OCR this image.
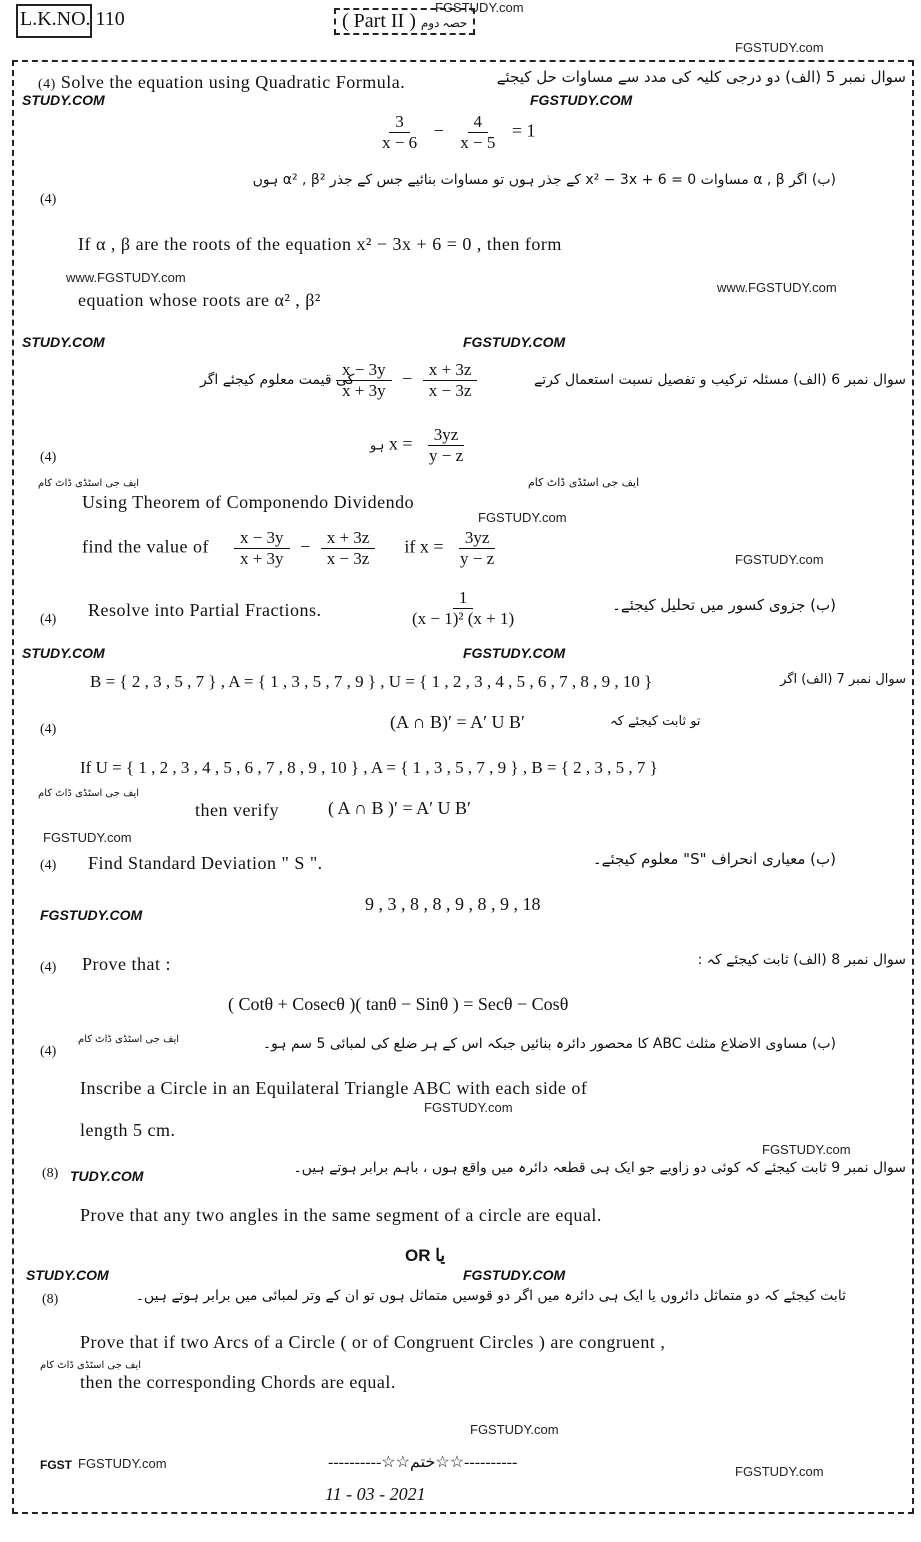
L.K.NO. 110	( Part II ) حصہ دوم
FGSTUDY.com
FGSTUDY.com
سوال نمبر 5 (الف) دو درجی کلیہ کی مدد سے مساوات حل کیجئے
(4) Solve the equation using Quadratic Formula.
STUDY.COM	FGSTUDY.COM
$\frac{3}{x - 6} - \frac{4}{x - 5} = 1$
(ب) اگر α , β مساوات x² − 3x + 6 = 0 کے جذر ہوں تو مساوات بنائیے جس کے جذر α² , β² ہوں
(4)
If α , β are the roots of the equation x² − 3x + 6 = 0 , then form
www.FGSTUDY.com
www.FGSTUDY.com
equation whose roots are α² , β²
STUDY.COM	FGSTUDY.COM
سوال نمبر 6 (الف) مسئلہ ترکیب و تفصیل نسبت استعمال کرتے
کی قیمت معلوم کیجئے اگر
$\frac{x - 3y}{x + 3y} - \frac{x + 3z}{x - 3z}$
(4)
ہو $x = \frac{3yz}{y - z}$
ایف جی اسٹڈی ڈاٹ کام	ایف جی اسٹڈی ڈاٹ کام
Using Theorem of Componendo Dividendo
FGSTUDY.com
find the value of $\frac{x - 3y}{x + 3y} - \frac{x + 3z}{x - 3z}$ if $x = \frac{3yz}{y - z}$	FGSTUDY.com
(4) Resolve into Partial Fractions.	$\frac{1}{\text{(x − 1)² (x + 1)}}$	(ب) جزوی کسور میں تحلیل کیجئے۔
STUDY.COM	FGSTUDY.COM
B = { 2 , 3 , 5 , 7 } , A = { 1 , 3 , 5 , 7 , 9 } , U = { 1 , 2 , 3 , 4 , 5 , 6 , 7 , 8 , 9 , 10 }	سوال نمبر 7 (الف) اگر
(4)	(A ∩ B)′ = A′ U B′	تو ثابت کیجئے کہ
If U = { 1 , 2 , 3 , 4 , 5 , 6 , 7 , 8 , 9 , 10 } , A = { 1 , 3 , 5 , 7 , 9 } , B = { 2 , 3 , 5 , 7 }
ایف جی اسٹڈی ڈاٹ کام
then verify	( A ∩ B )′ = A′ U B′
FGSTUDY.com
(4) Find Standard Deviation " S ".	(ب) معیاری انحراف "S" معلوم کیجئے۔
9 , 3 , 8 , 8 , 9 , 8 , 9 , 18
FGSTUDY.COM
(4) Prove that :	سوال نمبر 8 (الف) ثابت کیجئے کہ :
( Cotθ + Cosecθ )( tanθ − Sinθ ) = Secθ − Cosθ
ایف جی اسٹڈی ڈاٹ کام
(4)	(ب) مساوی الاضلاع مثلث ABC کا محصور دائرہ بنائیں جبکہ اس کے ہر ضلع کی لمبائی 5 سم ہو۔
Inscribe a Circle in an Equilateral Triangle ABC with each side of
FGSTUDY.com
length 5 cm.
FGSTUDY.com
(8) TUDY.COM	سوال نمبر 9 ثابت کیجئے کہ کوئی دو زاویے جو ایک ہی قطعہ دائرہ میں واقع ہوں ، باہم برابر ہوتے ہیں۔
Prove that any two angles in the same segment of a circle are equal.
OR یا
STUDY.COM	FGSTUDY.COM
(8)	ثابت کیجئے کہ دو متماثل دائروں یا ایک ہی دائرہ میں اگر دو قوسیں متماثل ہوں تو ان کے وتر لمبائی میں برابر ہوتے ہیں۔
Prove that if two Arcs of a Circle ( or of Congruent Circles ) are congruent ,
ایف جی اسٹڈی ڈاٹ کام
then the corresponding Chords are equal.
FGSTUDY.com
FGST FGSTUDY.com	----------☆☆ختم☆☆----------
FGSTUDY.com
11 - 03 - 2021
